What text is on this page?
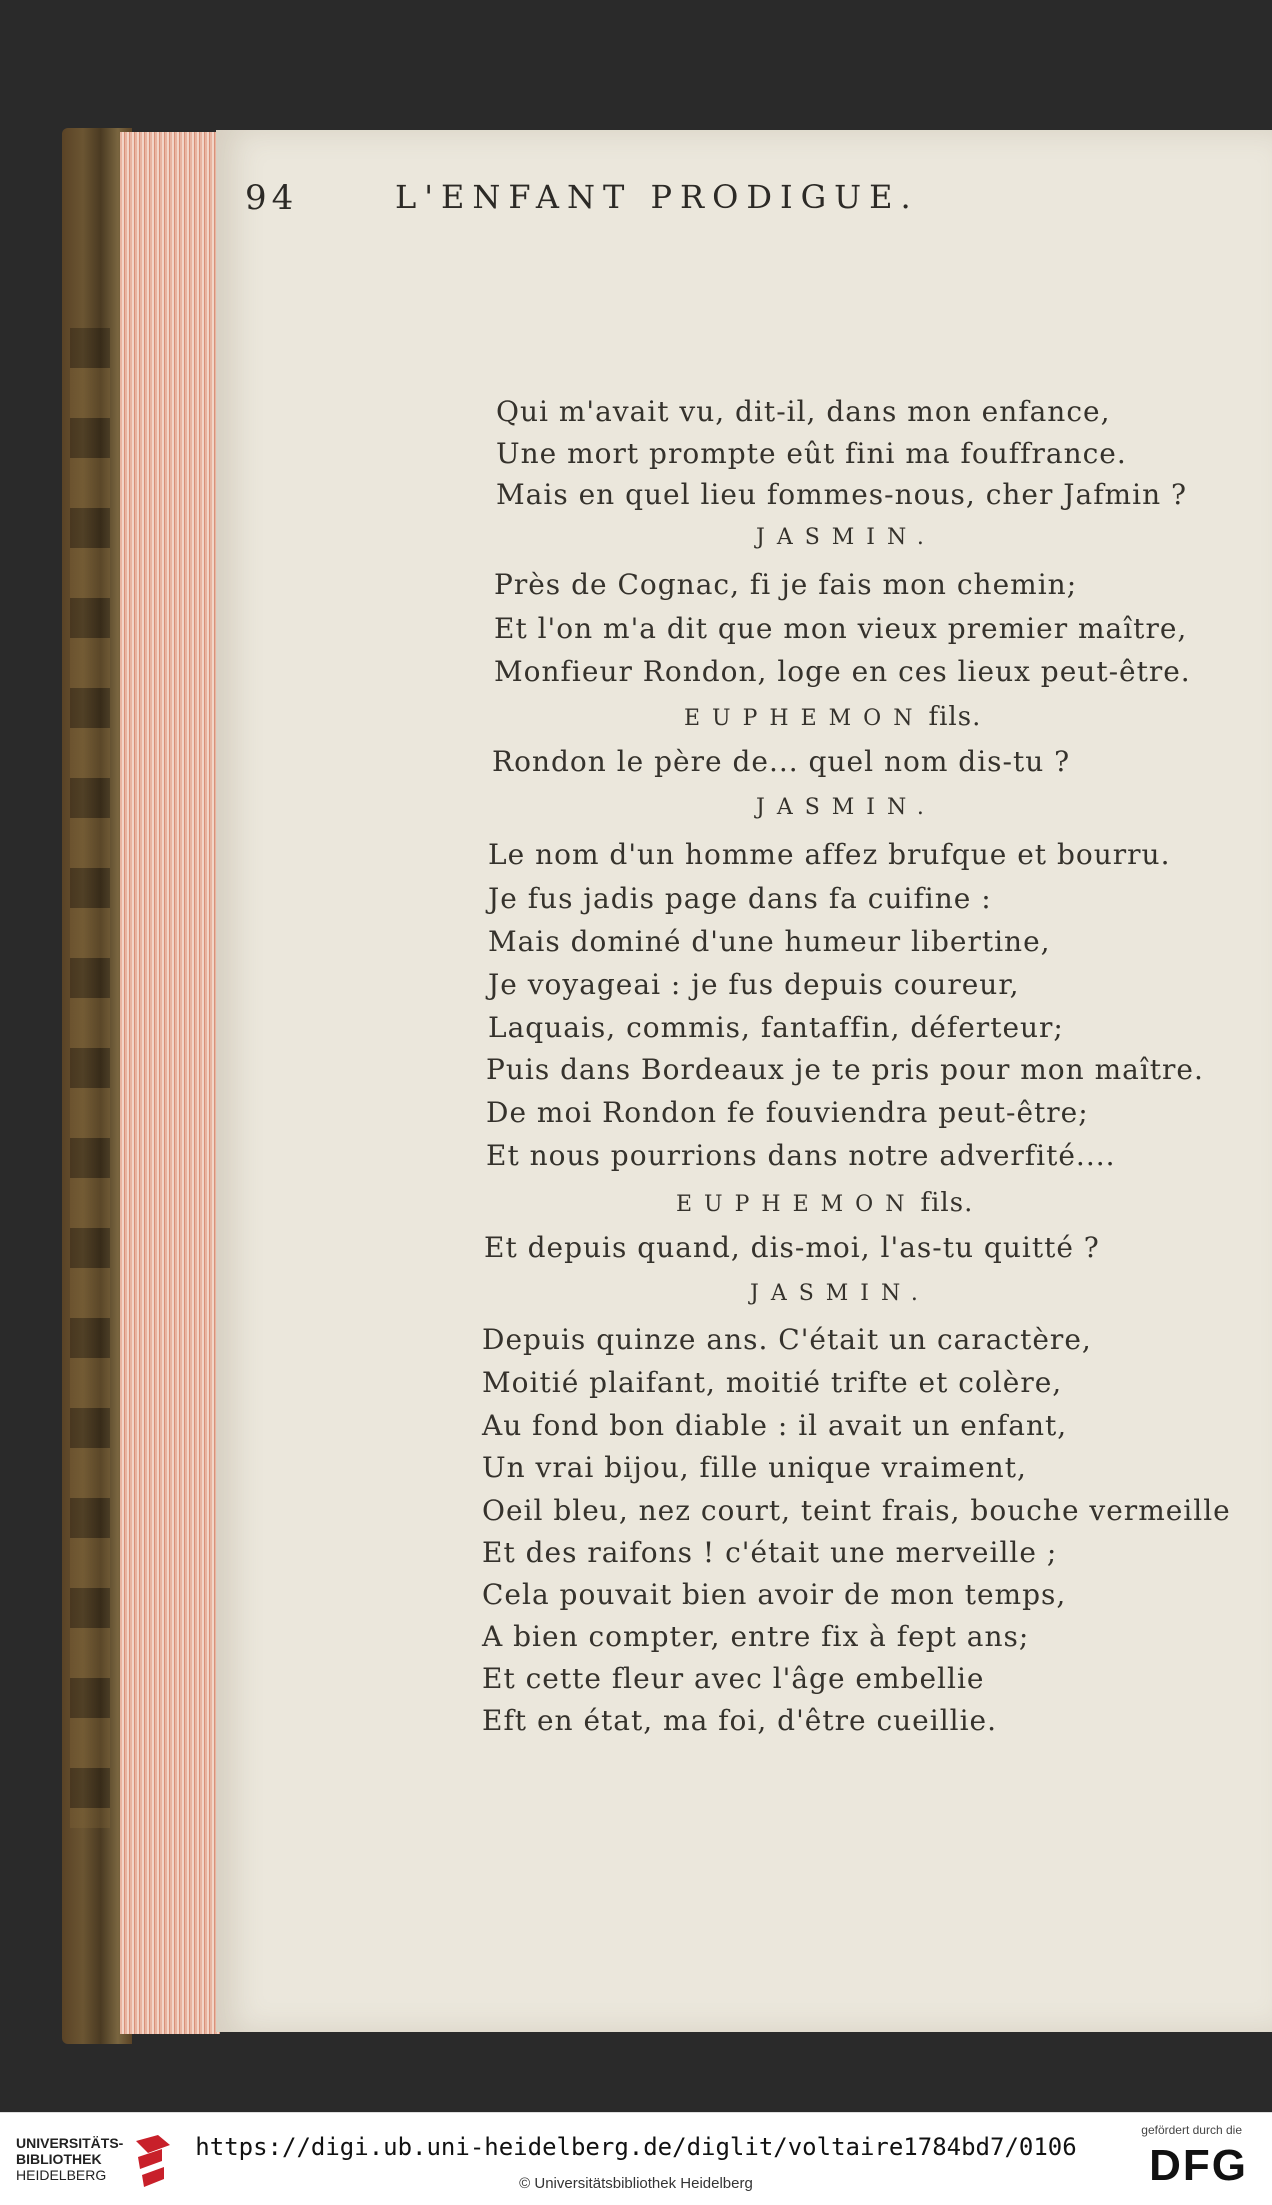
94	L'ENFANT PRODIGUE.
Qui m'avait vu, dit-il, dans mon enfance,
Une mort prompte eût fini ma fouffrance.
Mais en quel lieu fommes-nous, cher Jafmin ?
JASMIN.
Près de Cognac, fi je fais mon chemin;
Et l'on m'a dit que mon vieux premier maître,
Monfieur Rondon, loge en ces lieux peut-être.
EUPHEMON fils.
Rondon le père de... quel nom dis-tu ?
JASMIN.
Le nom d'un homme affez brufque et bourru.
Je fus jadis page dans fa cuifine :
Mais dominé d'une humeur libertine,
Je voyageai : je fus depuis coureur,
Laquais, commis, fantaffin, déferteur;
Puis dans Bordeaux je te pris pour mon maître.
De moi Rondon fe fouviendra peut-être;
Et nous pourrions dans notre adverfité....
EUPHEMON fils.
Et depuis quand, dis-moi, l'as-tu quitté ?
JASMIN.
Depuis quinze ans. C'était un caractère,
Moitié plaifant, moitié trifte et colère,
Au fond bon diable : il avait un enfant,
Un vrai bijou, fille unique vraiment,
Oeil bleu, nez court, teint frais, bouche vermeille
Et des raifons ! c'était une merveille ;
Cela pouvait bien avoir de mon temps,
A bien compter, entre fix à fept ans;
Et cette fleur avec l'âge embellie
Eft en état, ma foi, d'être cueillie.
UNIVERSITÄTS-
BIBLIOTHEK
HEIDELBERG
https://digi.ub.uni-heidelberg.de/diglit/voltaire1784bd7/0106
© Universitätsbibliothek Heidelberg
gefördert durch die
DFG
